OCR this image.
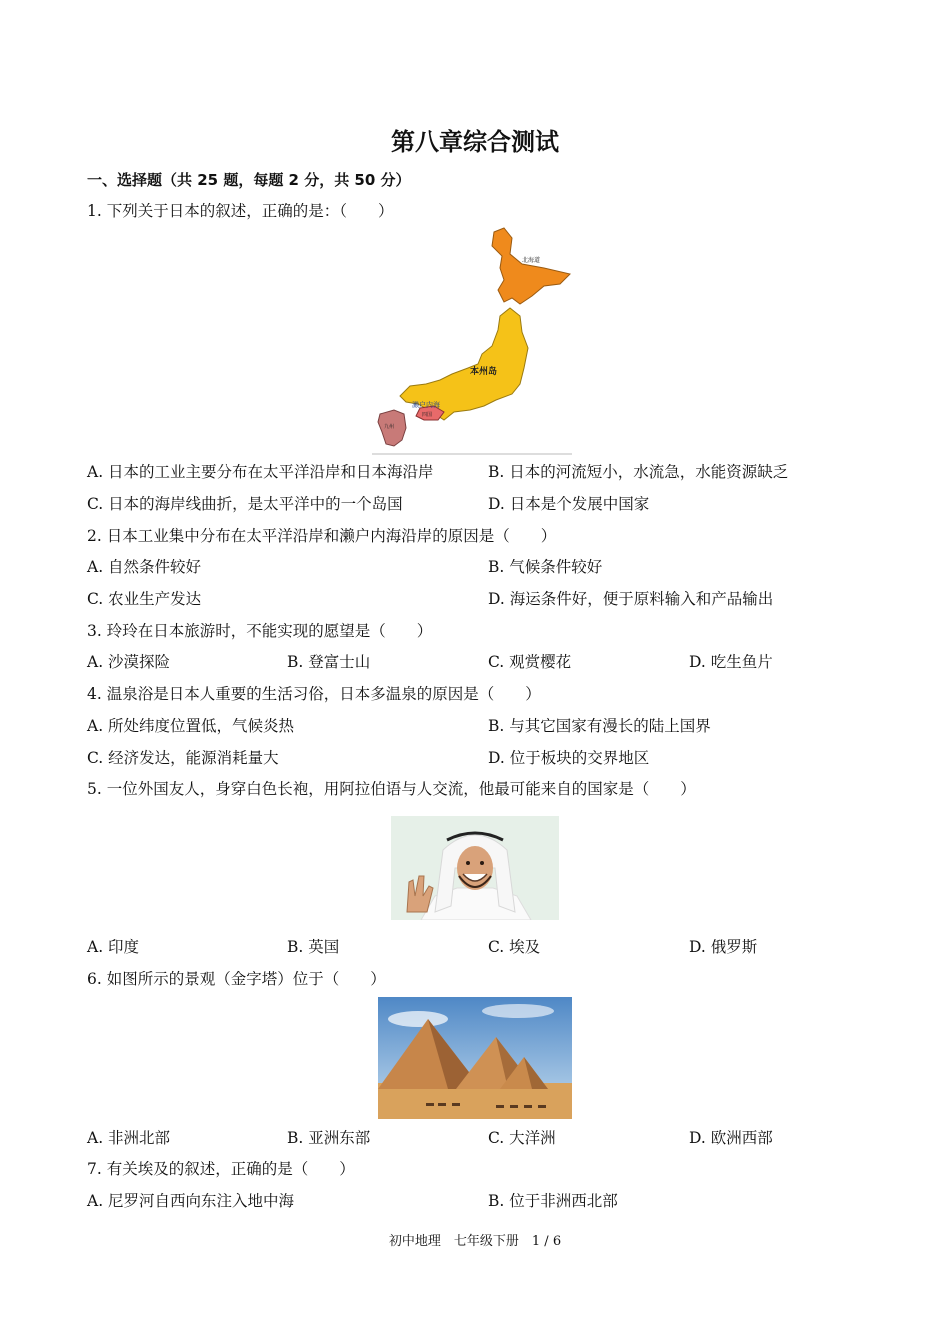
第八章综合测试
一、选择题（共 25 题，每题 2 分，共 50 分）
1. 下列关于日本的叙述，正确的是：（　　）
北海道
本州岛
四国
濑户内海
九州
A. 日本的工业主要分布在太平洋沿岸和日本海沿岸	B. 日本的河流短小，水流急，水能资源缺乏
C. 日本的海岸线曲折，是太平洋中的一个岛国	D. 日本是个发展中国家
2. 日本工业集中分布在太平洋沿岸和濑户内海沿岸的原因是（　　）
A. 自然条件较好	B. 气候条件较好
C. 农业生产发达	D. 海运条件好，便于原料输入和产品输出
3. 玲玲在日本旅游时，不能实现的愿望是（　　）
A. 沙漠探险	B. 登富士山	C. 观赏樱花	D. 吃生鱼片
4. 温泉浴是日本人重要的生活习俗，日本多温泉的原因是（　　）
A. 所处纬度位置低，气候炎热	B. 与其它国家有漫长的陆上国界
C. 经济发达，能源消耗量大	D. 位于板块的交界地区
5. 一位外国友人，身穿白色长袍，用阿拉伯语与人交流，他最可能来自的国家是（　　）
A. 印度	B. 英国	C. 埃及	D. 俄罗斯
6. 如图所示的景观（金字塔）位于（　　）
A. 非洲北部	B. 亚洲东部	C. 大洋洲	D. 欧洲西部
7. 有关埃及的叙述，正确的是（　　）
A. 尼罗河自西向东注入地中海	B. 位于非洲西北部
初中地理　七年级下册　1 / 6
